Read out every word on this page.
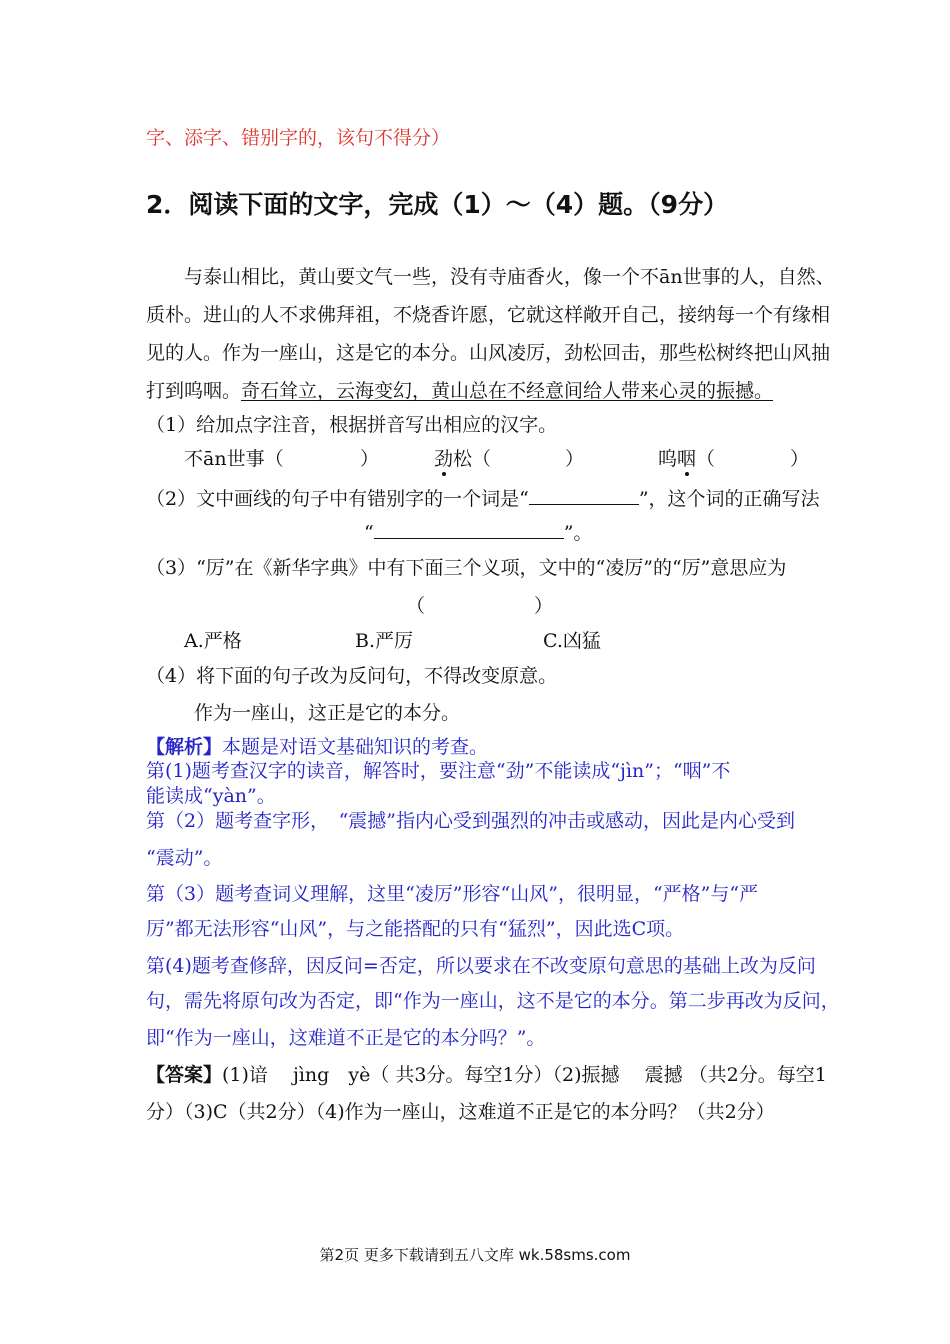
字、添字、错别字的，该句不得分）
2．阅读下面的文字，完成（1）～（4）题。（9分）
与泰山相比，黄山要文气一些，没有寺庙香火，像一个不ān世事的人，自然、
质朴。进山的人不求佛拜祖，不烧香许愿，它就这样敞开自己，接纳每一个有缘相
见的人。作为一座山，这是它的本分。山风凌厉，劲松回击，那些松树终把山风抽
打到呜咽。奇石耸立，云海变幻，黄山总在不经意间给人带来心灵的振撼。
（1）给加点字注音，根据拼音写出相应的汉字。
不ān世事（	）	劲松（	）	呜咽（	）
（2）文中画线的句子中有错别字的一个词是“	”，这个词的正确写法
“	”。
（3）“厉”在《新华字典》中有下面三个义项，文中的“凌厉”的“厉”意思应为
（	）
A.严格	B.严厉	C.凶猛
（4）将下面的句子改为反问句，不得改变原意。
作为一座山，这正是它的本分。
【解析】本题是对语文基础知识的考查。
第(1)题考查汉字的读音，解答时，要注意“劲”不能读成“jìn”；“咽”不
能读成“yàn”。
第（2）题考查字形，　“震撼”指内心受到强烈的冲击或感动，因此是内心受到
“震动”。
第（3）题考查词义理解，这里“凌厉”形容“山风”，很明显，“严格”与“严
厉”都无法形容“山风”，与之能搭配的只有“猛烈”，因此选C项。
第(4)题考查修辞，因反问=否定，所以要求在不改变原句意思的基础上改为反问
句，需先将原句改为否定，即“作为一座山，这不是它的本分。第二步再改为反问，
即“作为一座山，这难道不正是它的本分吗？”。
【答案】(1)谙　 jìng　yè（ 共3分。每空1分）（2)振撼　 震撼 （共2分。每空1
分）（3)C（共2分）（4)作为一座山，这难道不正是它的本分吗？（共2分）
第2页 更多下载请到五八文库 wk.58sms.com
